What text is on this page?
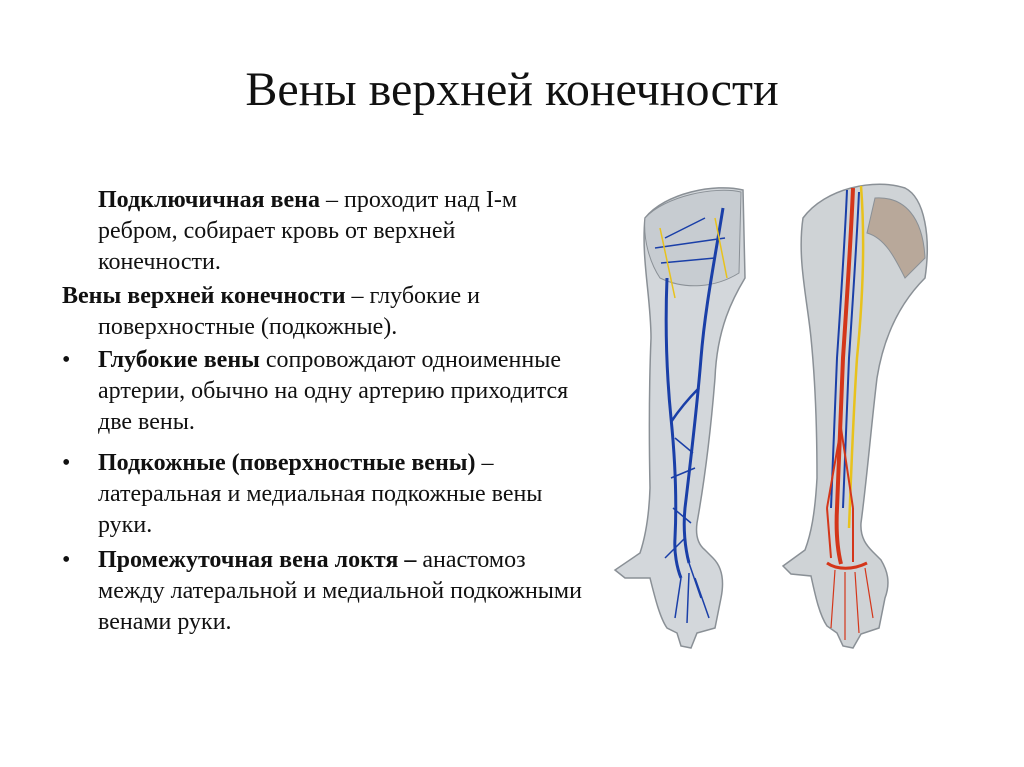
Вены верхней конечности

Подключичная вена – проходит над I-м ребром, собирает кровь от верхней конечности.

Вены верхней конечности – глубокие и поверхностные (подкожные).

•	Глубокие вены сопровождают одноименные артерии, обычно на одну артерию приходится две вены.
•	Подкожные (поверхностные вены) – латеральная и медиальная подкожные вены руки.
•	Промежуточная вена локтя – анастомоз между латеральной и медиальной подкожными венами руки.
